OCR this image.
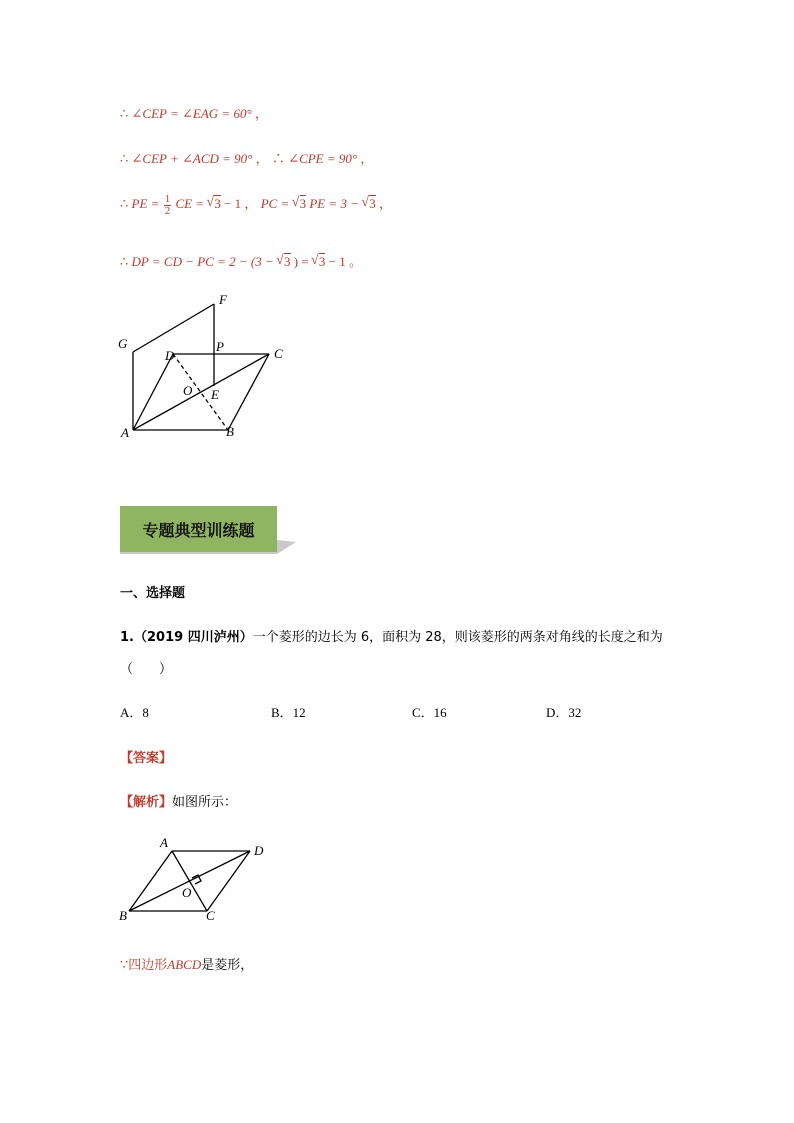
∴ ∠CEP = ∠EAG = 60° ，
∴ ∠CEP + ∠ACD = 90° ， ∴ ∠CPE = 90° ，
∴ PE = $\frac{1}{2}$ CE = √ 3 − 1 ， PC = √ 3 PE = 3 − √ 3 ，
∴ DP = CD − PC = 2 − (3 − √ 3 ) = √ 3 − 1 。
F
G
D
P	C
O E
A	B
专题典型训练题
一、选择题
1.（2019 四川泸州）一个菱形的边长为 6，面积为 28，则该菱形的两条对角线的长度之和为
（　　）
A．8	B．12	C．16	D．32
【答案】
【解析】如图所示：
A
D
O
B	C
∵四边形ABCD是菱形，
